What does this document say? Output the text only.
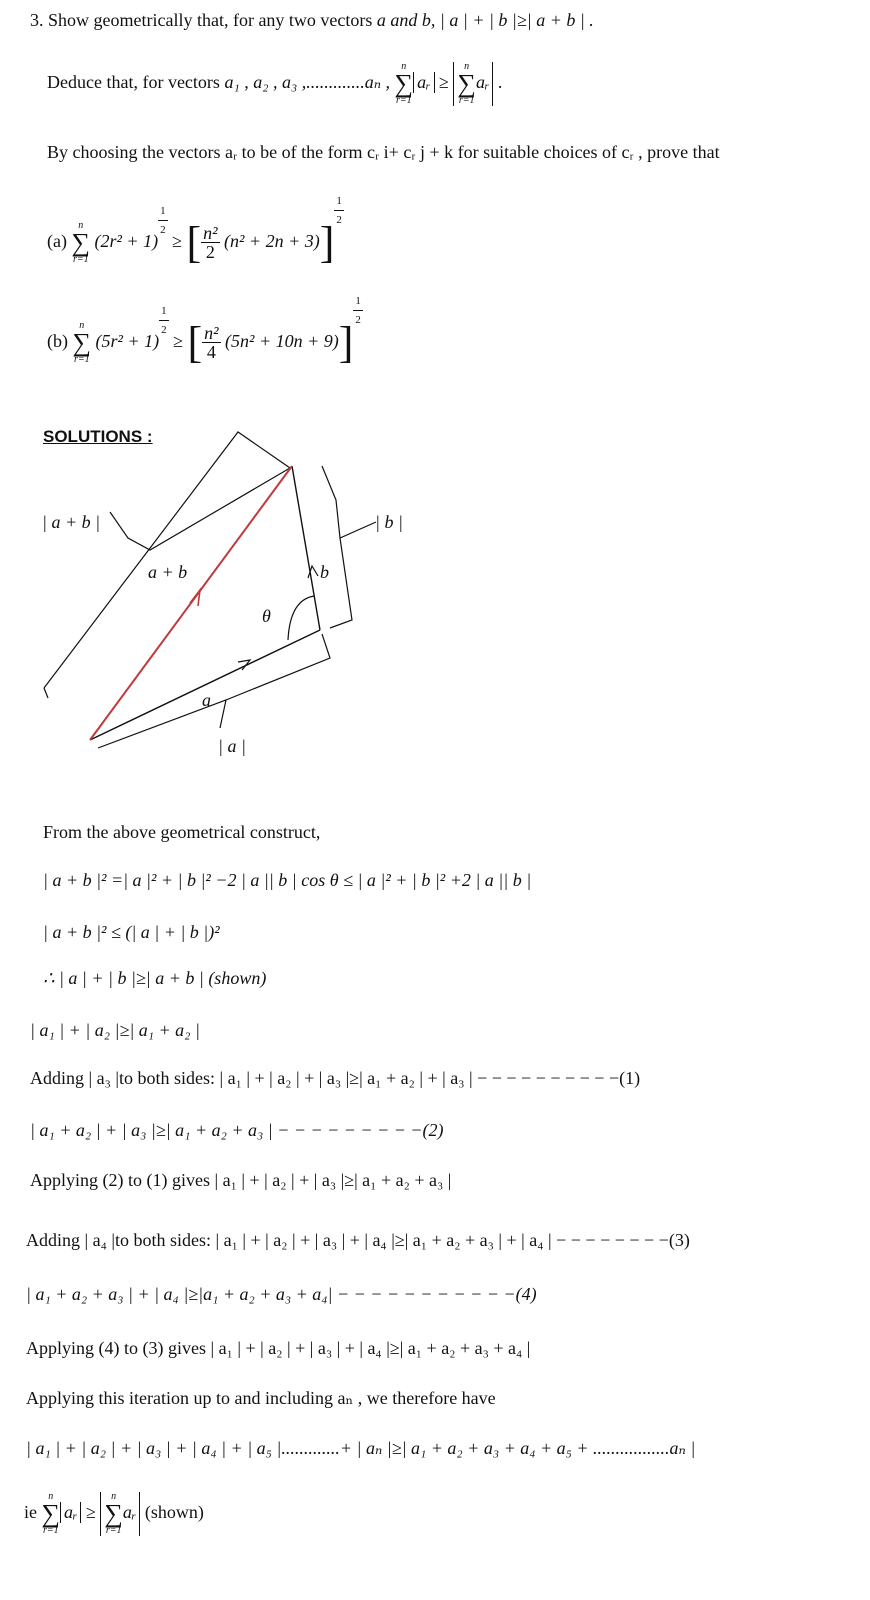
3. Show geometrically that, for any two vectors a and b, | a | + | b |≥| a + b | .
Deduce that, for vectors a₁ , a₂ , a₃ ,.............aₙ ,
n
∑
r=1
aᵣ ≥
n
∑
r=1
aᵣ .
By choosing the vectors aᵣ to be of the form cᵣ i+ cᵣ j + k for suitable choices of cᵣ , prove that
(a)
n
∑
r=1
(2r² + 1)
$\frac{1}{2}$
≥ [ $\frac{\text{n²}}{2} (n^2 + 2n + 3)$]
$\frac{1}{2}$
(b)
n
∑
r=1
(5r² + 1)
$\frac{1}{2}$
≥ [ $\frac{\text{n²}}{4} (5n^2 + 10n + 9)$]
$\frac{1}{2}$
SOLUTIONS :
| a + b |
a + b
| b |
b
θ
a
| a |
From the above geometrical construct,
| a + b |² =| a |² + | b |² −2 | a || b | cos θ ≤ | a |² + | b |² +2 | a || b |
| a + b |² ≤ (| a | + | b |)²
∴ | a | + | b |≥| a + b | (shown)
| a₁ | + | a₂ |≥| a₁ + a₂ |
Adding | a₃ |to both sides: | a₁ | + | a₂ | + | a₃ |≥| a₁ + a₂ | + | a₃ | − − − − − − − − − −(1)
| a₁ + a₂ | + | a₃ |≥| a₁ + a₂ + a₃ | − − − − − − − − −(2)
Applying (2) to (1) gives | a₁ | + | a₂ | + | a₃ |≥| a₁ + a₂ + a₃ |
Adding | a₄ |to both sides: | a₁ | + | a₂ | + | a₃ | + | a₄ |≥| a₁ + a₂ + a₃ | + | a₄ | − − − − − − − −(3)
| a₁ + a₂ + a₃ | + | a₄ |≥|a₁ + a₂ + a₃ + a₄| − − − − − − − − − − −(4)
Applying (4) to (3) gives | a₁ | + | a₂ | + | a₃ | + | a₄ |≥| a₁ + a₂ + a₃ + a₄ |
Applying this iteration up to and including aₙ , we therefore have
| a₁ | + | a₂ | + | a₃ | + | a₄ | + | a₅ |.............+ | aₙ |≥| a₁ + a₂ + a₃ + a₄ + a₅ + .................aₙ |
ie
n
∑
r=1
aᵣ ≥
n
∑
r=1
aᵣ (shown)
